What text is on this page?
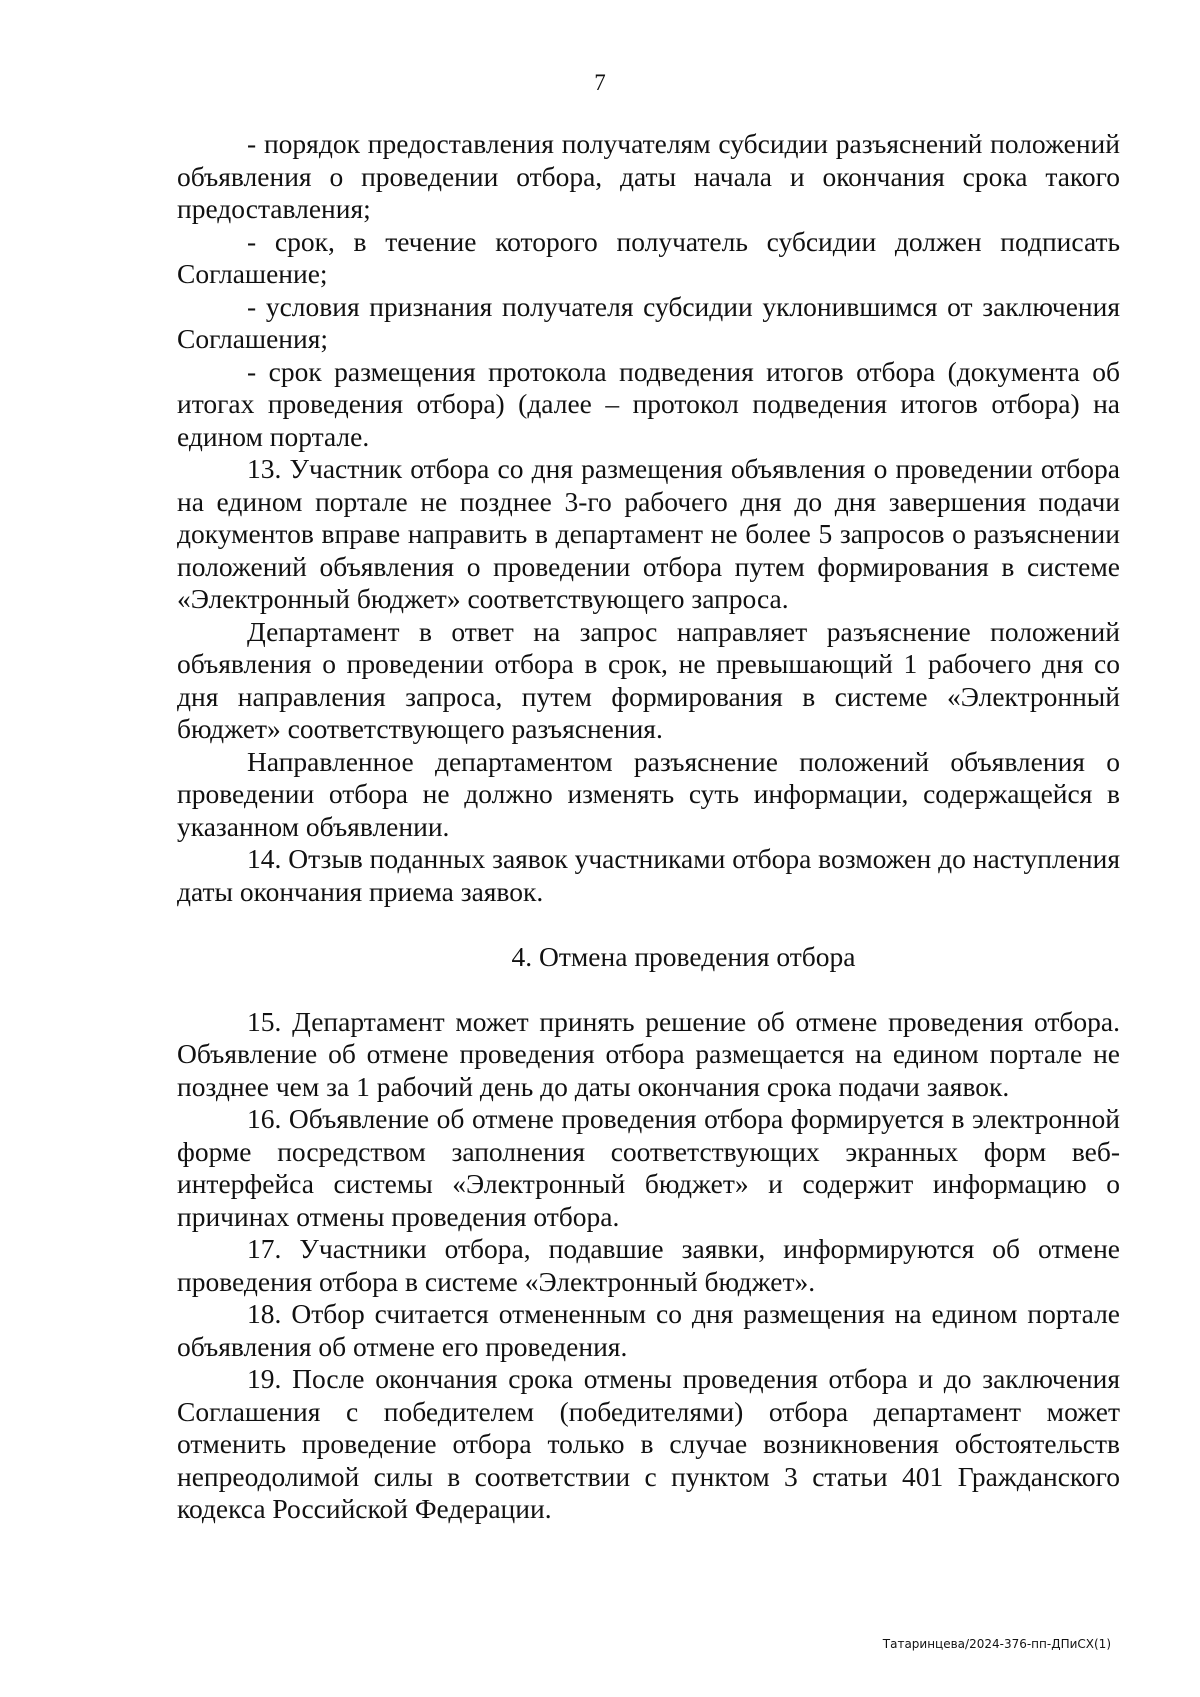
7

- порядок предоставления получателям субсидии разъяснений положений объявления о проведении отбора, даты начала и окончания срока такого предоставления;

- срок, в течение которого получатель субсидии должен подписать Соглашение;

- условия признания получателя субсидии уклонившимся от заключения Соглашения;

- срок размещения протокола подведения итогов отбора (документа об итогах проведения отбора) (далее – протокол подведения итогов отбора) на едином портале.

13. Участник отбора со дня размещения объявления о проведении отбора на едином портале не позднее 3-го рабочего дня до дня завершения подачи документов вправе направить в департамент не более 5 запросов о разъяснении положений объявления о проведении отбора путем формирования в системе «Электронный бюджет» соответствующего запроса.

Департамент в ответ на запрос направляет разъяснение положений объявления о проведении отбора в срок, не превышающий 1 рабочего дня со дня направления запроса, путем формирования в системе «Электронный бюджет» соответствующего разъяснения.

Направленное департаментом разъяснение положений объявления о проведении отбора не должно изменять суть информации, содержащейся в указанном объявлении.

14. Отзыв поданных заявок участниками отбора возможен до наступления даты окончания приема заявок.

4. Отмена проведения отбора

15. Департамент может принять решение об отмене проведения отбора. Объявление об отмене проведения отбора размещается на едином портале не позднее чем за 1 рабочий день до даты окончания срока подачи заявок.

16. Объявление об отмене проведения отбора формируется в электронной форме посредством заполнения соответствующих экранных форм веб-интерфейса системы «Электронный бюджет» и содержит информацию о причинах отмены проведения отбора.

17. Участники отбора, подавшие заявки, информируются об отмене проведения отбора в системе «Электронный бюджет».

18. Отбор считается отмененным со дня размещения на едином портале объявления об отмене его проведения.

19. После окончания срока отмены проведения отбора и до заключения Соглашения с победителем (победителями) отбора департамент может отменить проведение отбора только в случае возникновения обстоятельств непреодолимой силы в соответствии с пунктом 3 статьи 401 Гражданского кодекса Российской Федерации.

Татаринцева/2024-376-пп-ДПиСХ(1)
